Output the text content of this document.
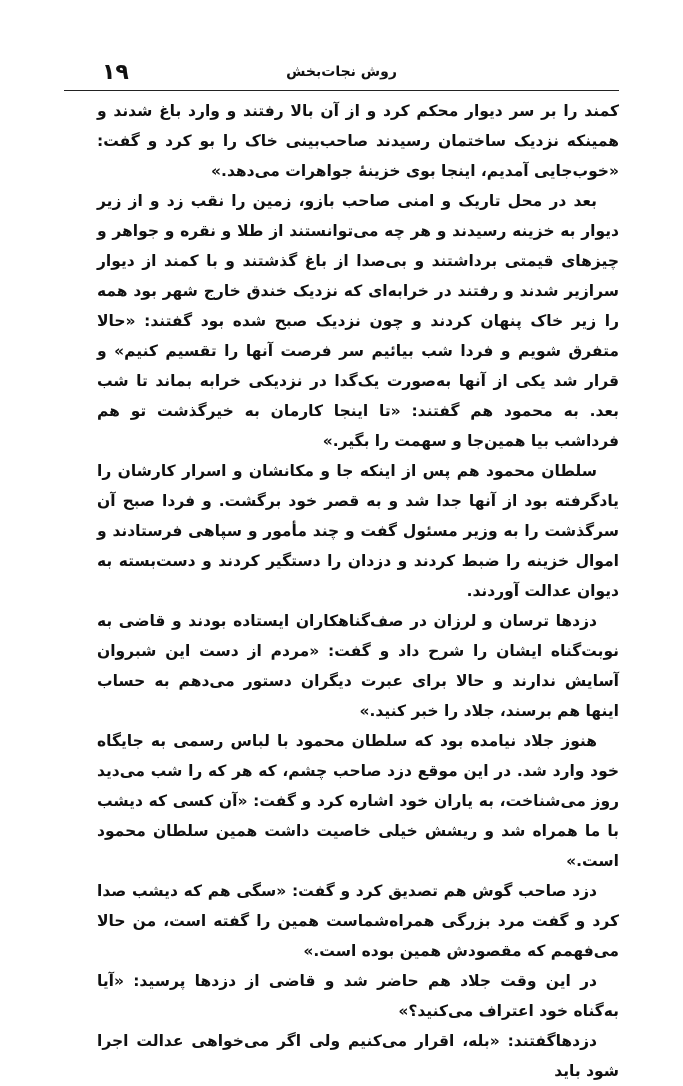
۱۹	روش نجات‌بخش

کمند را بر سر دیوار محکم کرد و از آن بالا رفتند و وارد باغ شدند و همینکه نزدیک ساختمان رسیدند صاحب‌بینی خاک را بو کرد و گفت: «خوب‌جایی آمدیم، اینجا بوی خزینهٔ جواهرات می‌دهد.»

بعد در محل تاریک و امنی صاحب بازو، زمین را نقب زد و از زیر دیوار به خزینه رسیدند و هر چه می‌توانستند از طلا و نقره و جواهر و چیزهای قیمتی برداشتند و بی‌صدا از باغ گذشتند و با کمند از دیوار سرازیر شدند و رفتند در خرابه‌ای که نزدیک خندق خارج شهر بود همه را زیر خاک پنهان کردند و چون نزدیک صبح شده بود گفتند: «حالا متفرق شویم و فردا شب بیائیم سر فرصت آنها را تقسیم کنیم» و قرار شد یکی از آنها به‌صورت یک‌گدا در نزدیکی خرابه بماند تا شب بعد. به محمود هم گفتند: «تا اینجا کارمان به خیرگذشت تو هم فرداشب بیا همین‌جا و سهمت را بگیر.»

سلطان محمود هم پس از اینکه جا و مکانشان و اسرار کارشان را یادگرفته بود از آنها جدا شد و به قصر خود برگشت. و فردا صبح آن سرگذشت را به وزیر مسئول گفت و چند مأمور و سپاهی فرستادند و اموال خزینه را ضبط کردند و دزدان را دستگیر کردند و دست‌بسته به دیوان عدالت آوردند.

دزدها ترسان و لرزان در صف‌گناهکاران ایستاده بودند و قاضی به نوبت‌گناه ایشان را شرح داد و گفت: «مردم از دست این شبروان آسایش ندارند و حالا برای عبرت دیگران دستور می‌دهم به حساب اینها هم برسند، جلاد را خبر کنید.»

هنوز جلاد نیامده بود که سلطان محمود با لباس رسمی به جایگاه خود وارد شد. در این موقع دزد صاحب چشم، که هر که را شب می‌دید روز می‌شناخت، به یاران خود اشاره کرد و گفت: «آن کسی که دیشب با ما همراه شد و ریشش خیلی خاصیت داشت همین سلطان محمود است.»

دزد صاحب گوش هم تصدیق کرد و گفت: «سگی هم که دیشب صدا کرد و گفت مرد بزرگی همراه‌شماست همین را گفته است، من حالا می‌فهمم که مقصودش همین بوده است.»

در این وقت جلاد هم حاضر شد و قاضی از دزدها پرسید: «آیا به‌گناه خود اعتراف می‌کنید؟»

دزدهاگفتند: «بله، اقرار می‌کنیم ولی اگر می‌خواهی عدالت اجرا شود باید
